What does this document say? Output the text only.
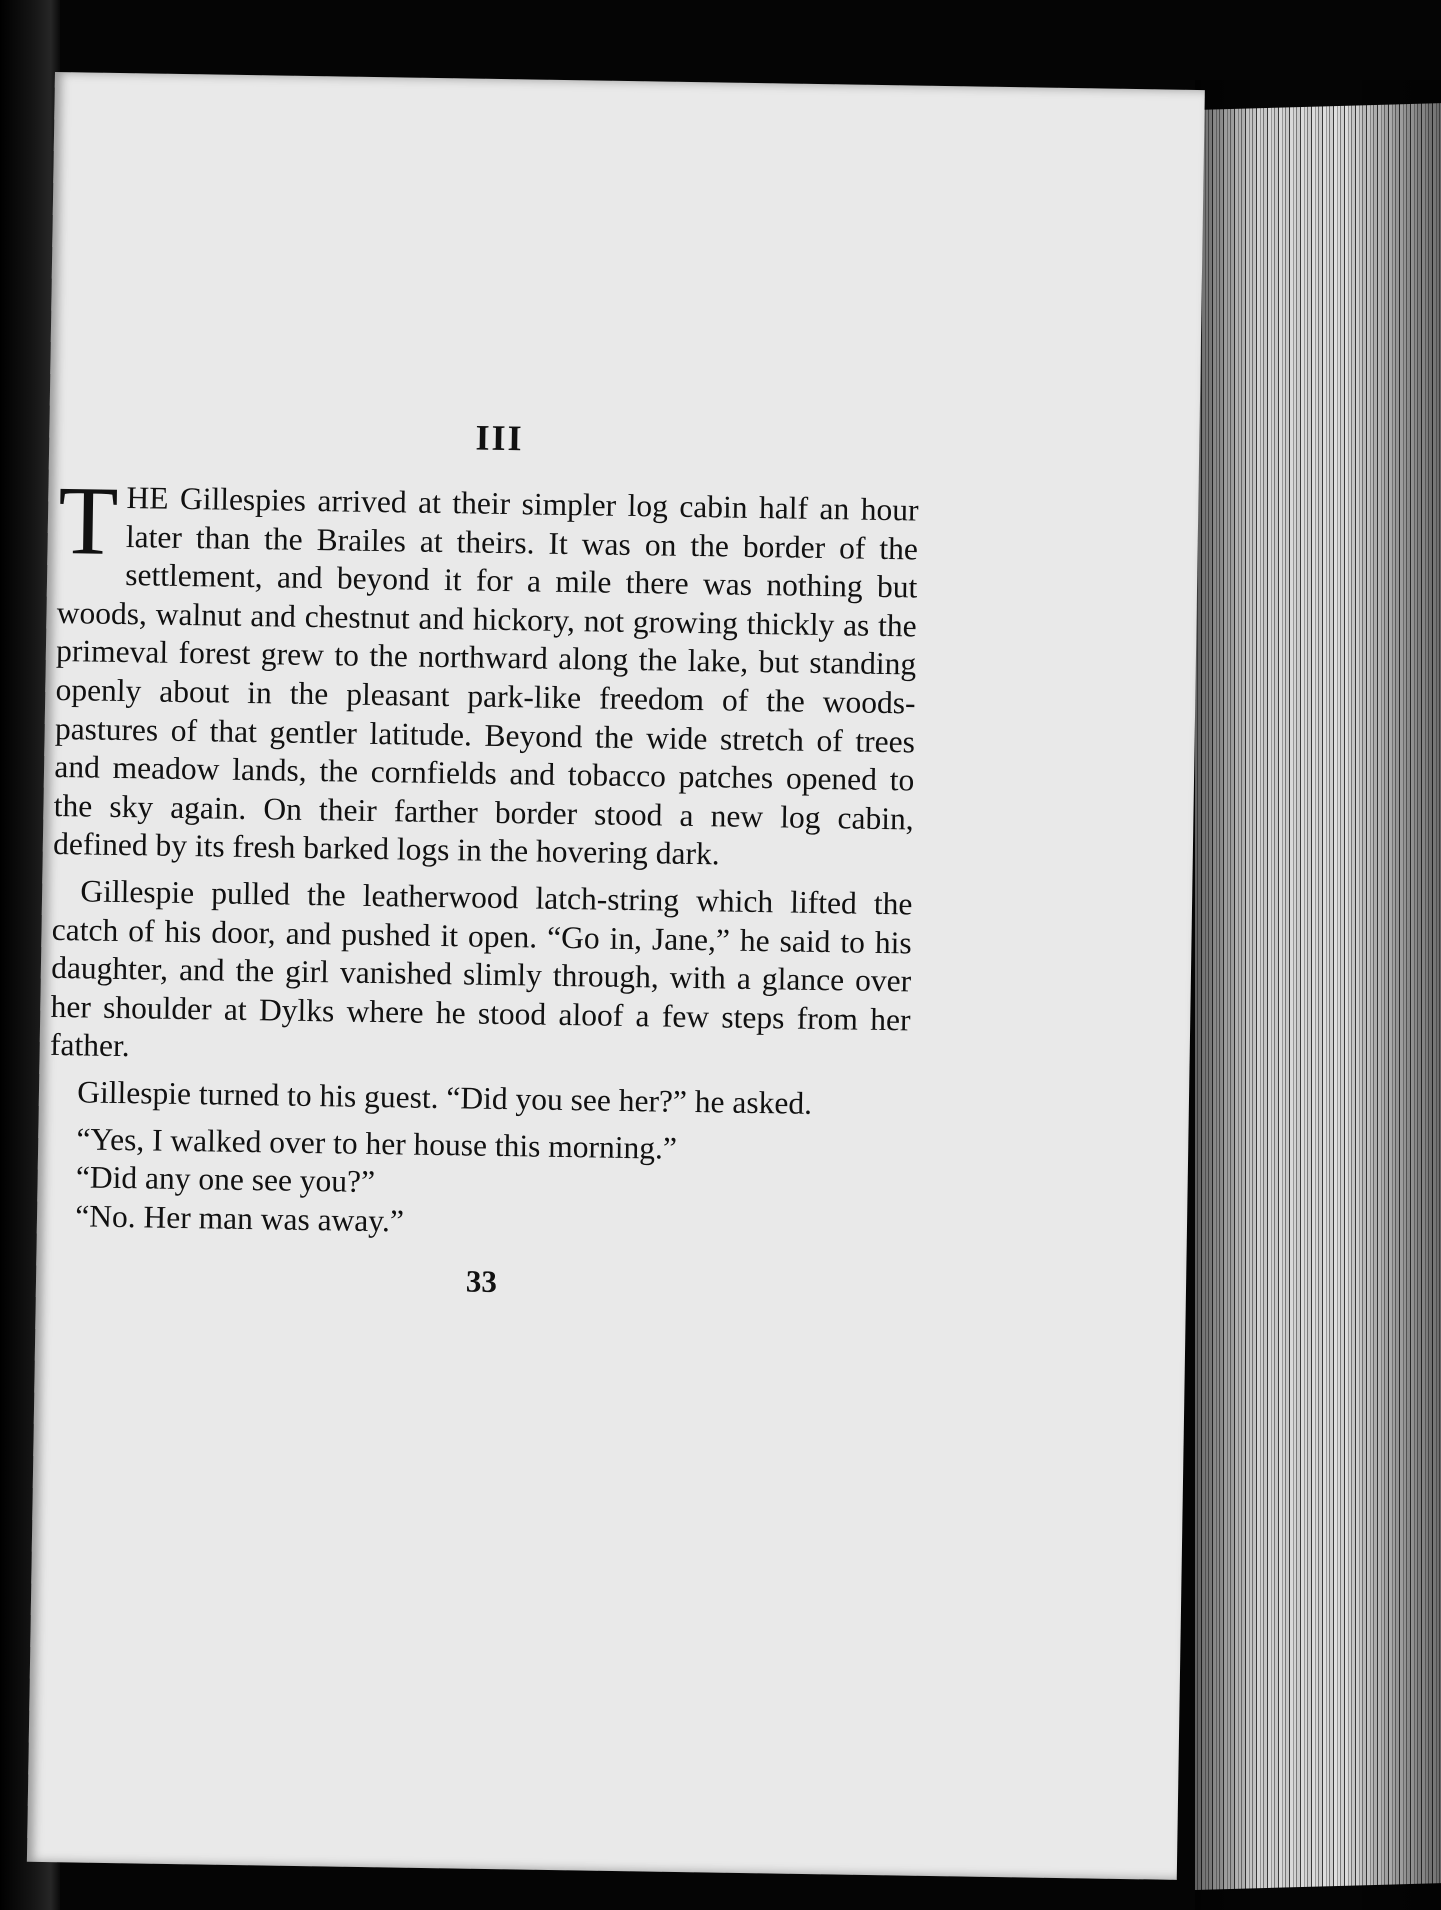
III

THE Gillespies arrived at their simpler log cabin half an hour later than the Brailes at theirs. It was on the border of the settlement, and beyond it for a mile there was nothing but woods, walnut and chestnut and hickory, not growing thickly as the primeval forest grew to the northward along the lake, but standing openly about in the pleasant park-like freedom of the woods-pastures of that gentler latitude. Beyond the wide stretch of trees and meadow lands, the cornfields and tobacco patches opened to the sky again. On their farther border stood a new log cabin, defined by its fresh barked logs in the hovering dark.

Gillespie pulled the leatherwood latch-string which lifted the catch of his door, and pushed it open. “Go in, Jane,” he said to his daughter, and the girl vanished slimly through, with a glance over her shoulder at Dylks where he stood aloof a few steps from her father.

Gillespie turned to his guest. “Did you see her?” he asked.

“Yes, I walked over to her house this morning.”

“Did any one see you?”

“No. Her man was away.”

33
